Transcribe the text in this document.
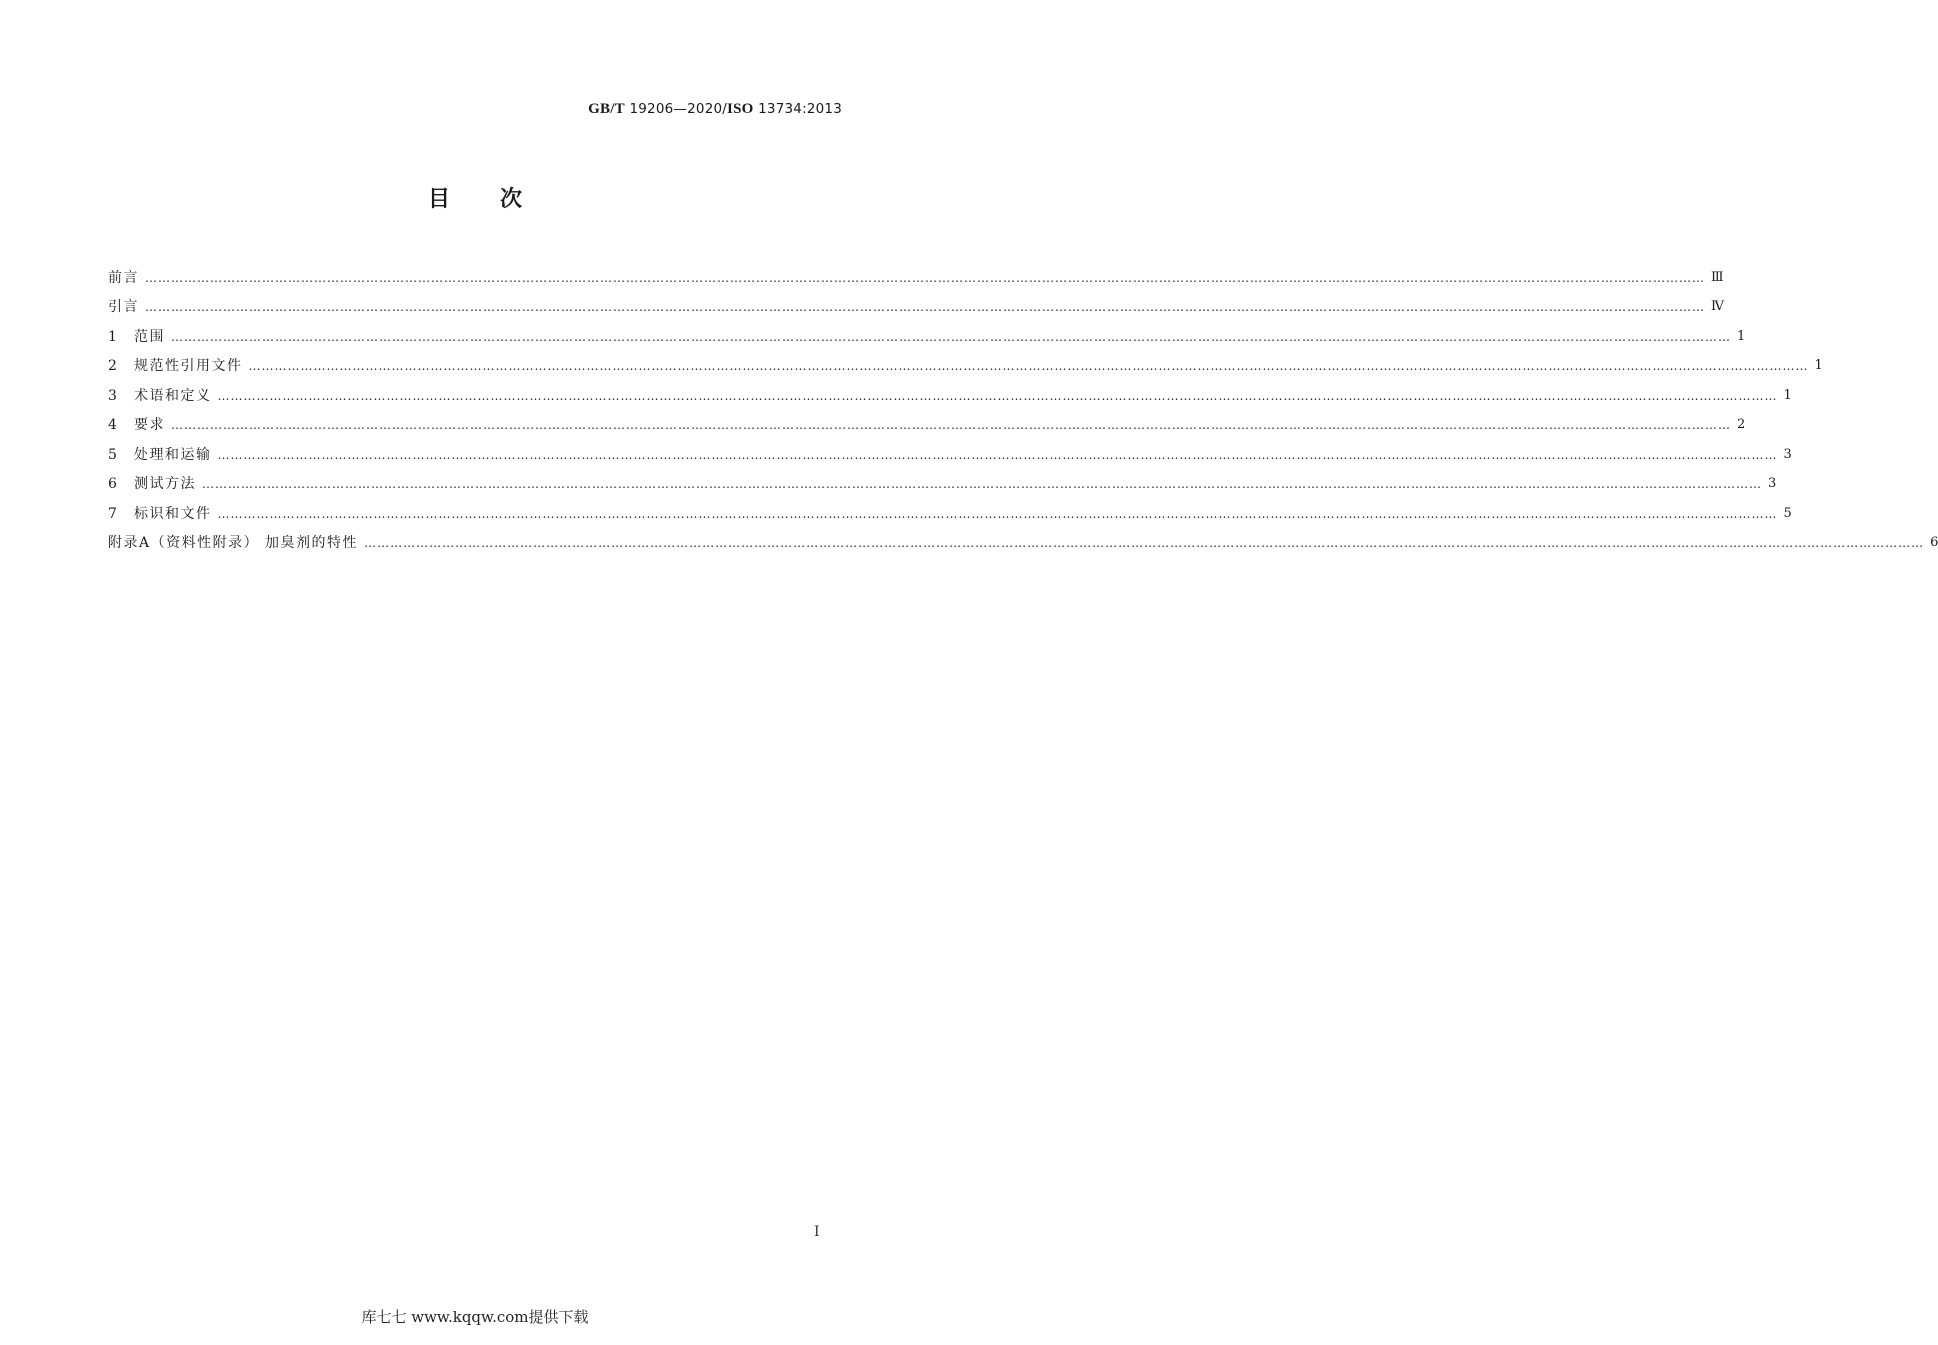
GB/T 19206—2020/ISO 13734:2013
目次
前言 ……………………………………………………………………………………………………………………………………………………………………………………………………………………………………………………………………………………………………………………………… Ⅲ
引言 ……………………………………………………………………………………………………………………………………………………………………………………………………………………………………………………………………………………………………………………………… Ⅳ
1 范围 ……………………………………………………………………………………………………………………………………………………………………………………………………………………………………………………………………………………………………………………………… 1
2 规范性引用文件 ……………………………………………………………………………………………………………………………………………………………………………………………………………………………………………………………………………………………………………………………… 1
3 术语和定义 ……………………………………………………………………………………………………………………………………………………………………………………………………………………………………………………………………………………………………………………………… 1
4 要求 ……………………………………………………………………………………………………………………………………………………………………………………………………………………………………………………………………………………………………………………………… 2
5 处理和运输 ……………………………………………………………………………………………………………………………………………………………………………………………………………………………………………………………………………………………………………………………… 3
6 测试方法 ……………………………………………………………………………………………………………………………………………………………………………………………………………………………………………………………………………………………………………………………… 3
7 标识和文件 ……………………………………………………………………………………………………………………………………………………………………………………………………………………………………………………………………………………………………………………………… 5
附录A（资料性附录） 加臭剂的特性 ……………………………………………………………………………………………………………………………………………………………………………………………………………………………………………………………………………………………………………………………… 6
Ⅰ
库七七 www.kqqw.com提供下载
